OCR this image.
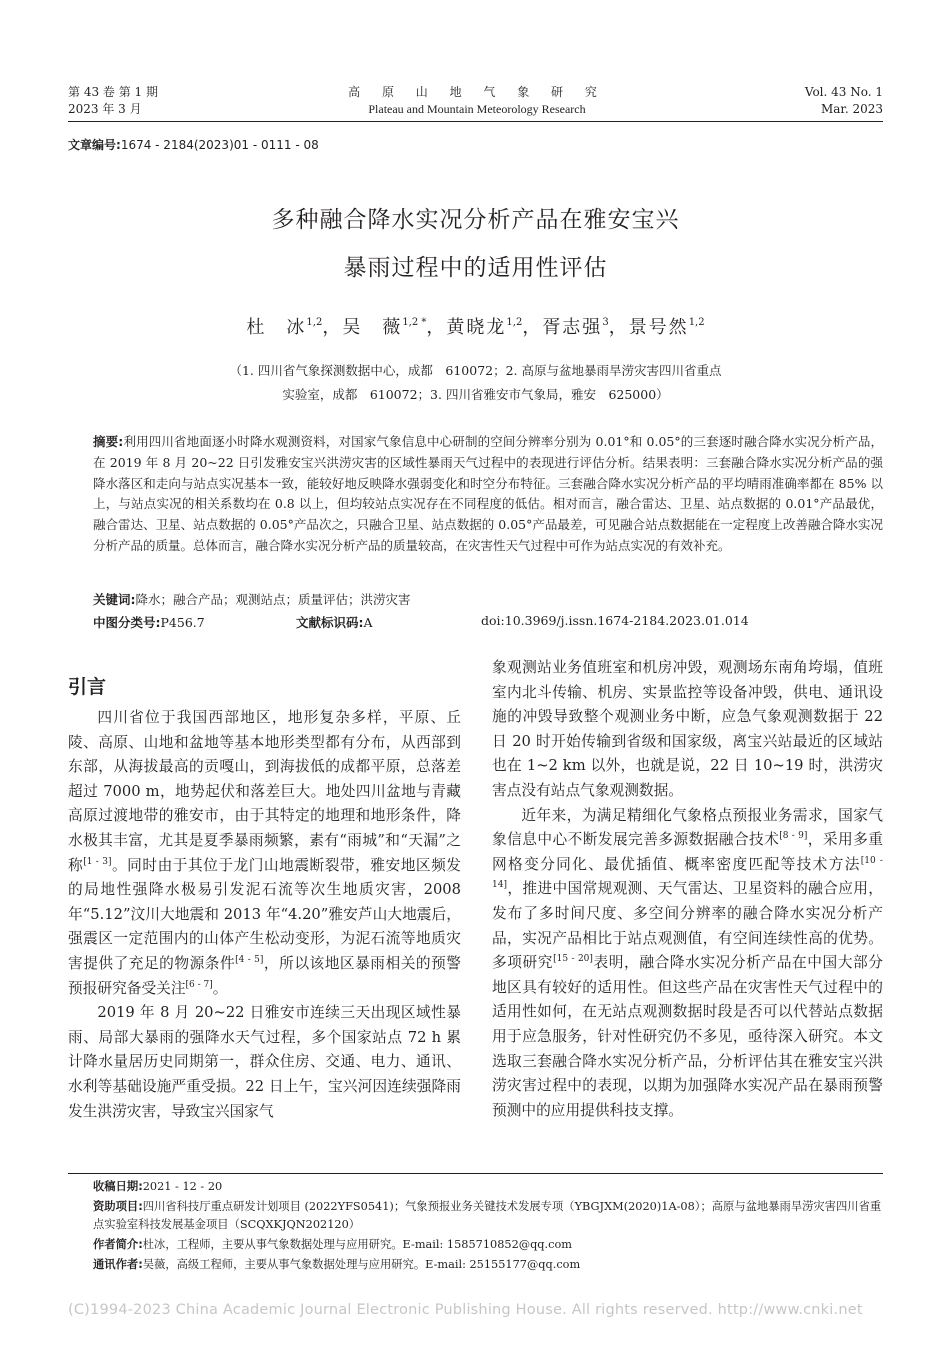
第 43 卷 第 1 期
2023 年 3 月
高 原 山 地 气 象 研 究
Plateau and Mountain Meteorology Research
Vol. 43 No. 1
Mar. 2023
文章编号:1674 - 2184(2023)01 - 0111 - 08
多种融合降水实况分析产品在雅安宝兴
暴雨过程中的适用性评估
杜　冰$^{1,2}$，吴　薇$^{1,2 *}$，黄晓龙$^{1,2}$，胥志强$^3$，景号然$^{1,2}$
（1. 四川省气象探测数据中心，成都　610072；2. 高原与盆地暴雨旱涝灾害四川省重点
实验室，成都　610072；3. 四川省雅安市气象局，雅安　625000）
摘要:利用四川省地面逐小时降水观测资料，对国家气象信息中心研制的空间分辨率分别为 0.01°和 0.05°的三套逐时融合降水实况分析产品，在 2019 年 8 月 20~22 日引发雅安宝兴洪涝灾害的区域性暴雨天气过程中的表现进行评估分析。结果表明：三套融合降水实况分析产品的强降水落区和走向与站点实况基本一致，能较好地反映降水强弱变化和时空分布特征。三套融合降水实况分析产品的平均晴雨准确率都在 85% 以上，与站点实况的相关系数均在 0.8 以上，但均较站点实况存在不同程度的低估。相对而言，融合雷达、卫星、站点数据的 0.01°产品最优，融合雷达、卫星、站点数据的 0.05°产品次之，只融合卫星、站点数据的 0.05°产品最差，可见融合站点数据能在一定程度上改善融合降水实况分析产品的质量。总体而言，融合降水实况分析产品的质量较高，在灾害性天气过程中可作为站点实况的有效补充。
关键词:降水；融合产品；观测站点；质量评估；洪涝灾害
中图分类号:P456.7	文献标识码:A	doi:10.3969/j.issn.1674-2184.2023.01.014
引言

四川省位于我国西部地区，地形复杂多样，平原、丘陵、高原、山地和盆地等基本地形类型都有分布，从西部到东部，从海拔最高的贡嘎山，到海拔低的成都平原，总落差超过 7000 m，地势起伏和落差巨大。地处四川盆地与青藏高原过渡地带的雅安市，由于其特定的地理和地形条件，降水极其丰富，尤其是夏季暴雨频繁，素有“雨城”和“天漏”之称[1 - 3]。同时由于其位于龙门山地震断裂带，雅安地区频发的局地性强降水极易引发泥石流等次生地质灾害，2008 年“5.12”汶川大地震和 2013 年“4.20”雅安芦山大地震后，强震区一定范围内的山体产生松动变形，为泥石流等地质灾害提供了充足的物源条件[4 - 5]，所以该地区暴雨相关的预警预报研究备受关注[6 - 7]。

2019 年 8 月 20~22 日雅安市连续三天出现区域性暴雨、局部大暴雨的强降水天气过程，多个国家站点 72 h 累计降水量居历史同期第一，群众住房、交通、电力、通讯、水利等基础设施严重受损。22 日上午，宝兴河因连续强降雨发生洪涝灾害，导致宝兴国家气

象观测站业务值班室和机房冲毁，观测场东南角垮塌，值班室内北斗传输、机房、实景监控等设备冲毁，供电、通讯设施的冲毁导致整个观测业务中断，应急气象观测数据于 22 日 20 时开始传输到省级和国家级，离宝兴站最近的区域站也在 1~2 km 以外，也就是说，22 日 10~19 时，洪涝灾害点没有站点气象观测数据。

近年来，为满足精细化气象格点预报业务需求，国家气象信息中心不断发展完善多源数据融合技术[8 - 9]，采用多重网格变分同化、最优插值、概率密度匹配等技术方法[10 - 14]，推进中国常规观测、天气雷达、卫星资料的融合应用，发布了多时间尺度、多空间分辨率的融合降水实况分析产品，实况产品相比于站点观测值，有空间连续性高的优势。多项研究[15 - 20]表明，融合降水实况分析产品在中国大部分地区具有较好的适用性。但这些产品在灾害性天气过程中的适用性如何，在无站点观测数据时段是否可以代替站点数据用于应急服务，针对性研究仍不多见，亟待深入研究。本文选取三套融合降水实况分析产品，分析评估其在雅安宝兴洪涝灾害过程中的表现，以期为加强降水实况产品在暴雨预警预测中的应用提供科技支撑。

收稿日期:2021 - 12 - 20
资助项目:四川省科技厅重点研发计划项目 (2022YFS0541)；气象预报业务关键技术发展专项（YBGJXM(2020)1A-08）；高原与盆地暴雨旱涝灾害四川省重点实验室科技发展基金项目（SCQXKJQN202120）
作者简介:杜冰，工程师，主要从事气象数据处理与应用研究。E-mail: 1585710852@qq.com
通讯作者:吴薇，高级工程师，主要从事气象数据处理与应用研究。E-mail: 25155177@qq.com
(C)1994-2023 China Academic Journal Electronic Publishing House. All rights reserved. http://www.cnki.net
